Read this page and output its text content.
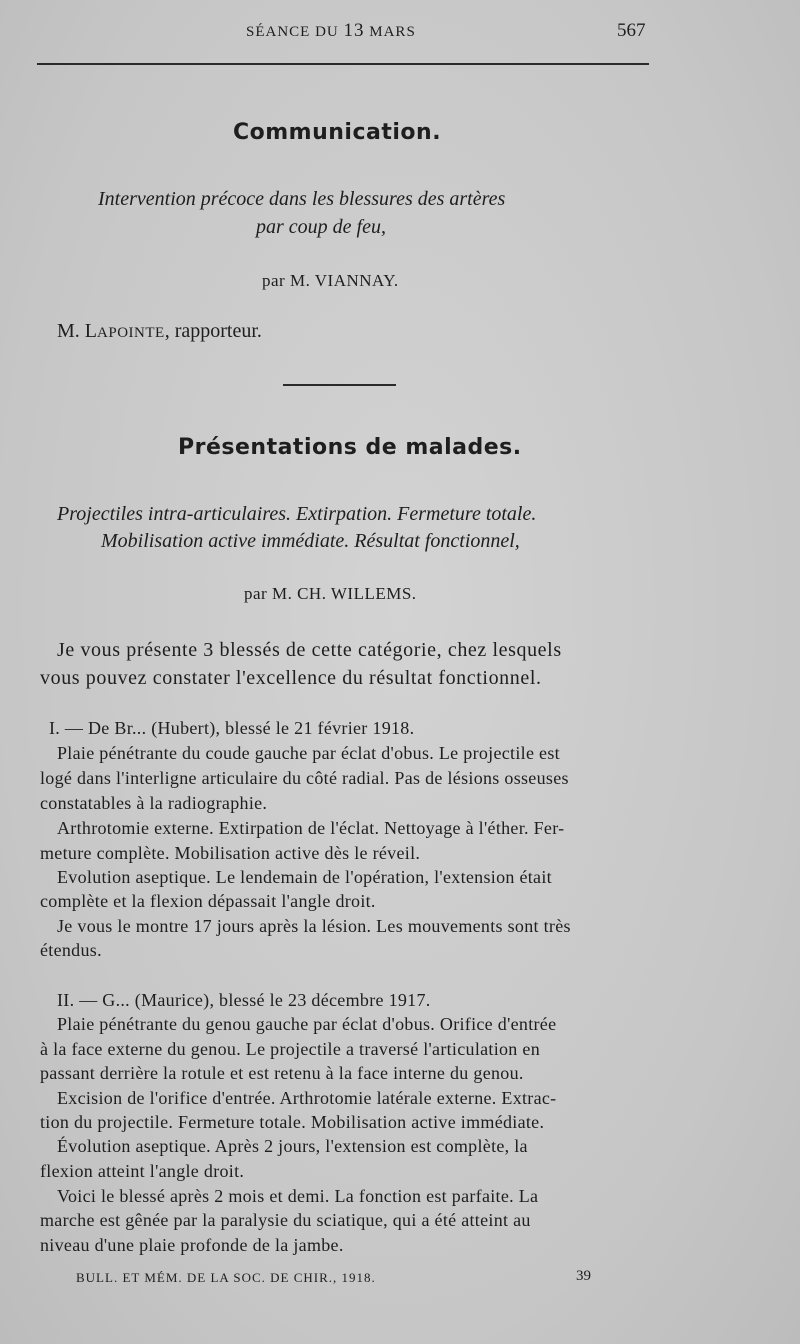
SÉANCE DU 13 MARS	567
Communication.
Intervention précoce dans les blessures des artères
par coup de feu,
par M. VIANNAY.
M. LAPOINTE, rapporteur.
Présentations de malades.
Projectiles intra-articulaires. Extirpation. Fermeture totale.
Mobilisation active immédiate. Résultat fonctionnel,
par M. CH. WILLEMS.
Je vous présente 3 blessés de cette catégorie, chez lesquels
vous pouvez constater l'excellence du résultat fonctionnel.
I. — De Br... (Hubert), blessé le 21 février 1918.
Plaie pénétrante du coude gauche par éclat d'obus. Le projectile est
logé dans l'interligne articulaire du côté radial. Pas de lésions osseuses
constatables à la radiographie.
Arthrotomie externe. Extirpation de l'éclat. Nettoyage à l'éther. Fer-
meture complète. Mobilisation active dès le réveil.
Evolution aseptique. Le lendemain de l'opération, l'extension était
complète et la flexion dépassait l'angle droit.
Je vous le montre 17 jours après la lésion. Les mouvements sont très
étendus.
II. — G... (Maurice), blessé le 23 décembre 1917.
Plaie pénétrante du genou gauche par éclat d'obus. Orifice d'entrée
à la face externe du genou. Le projectile a traversé l'articulation en
passant derrière la rotule et est retenu à la face interne du genou.
Excision de l'orifice d'entrée. Arthrotomie latérale externe. Extrac-
tion du projectile. Fermeture totale. Mobilisation active immédiate.
Évolution aseptique. Après 2 jours, l'extension est complète, la
flexion atteint l'angle droit.
Voici le blessé après 2 mois et demi. La fonction est parfaite. La
marche est gênée par la paralysie du sciatique, qui a été atteint au
niveau d'une plaie profonde de la jambe.
BULL. ET MÉM. DE LA SOC. DE CHIR., 1918.	39
